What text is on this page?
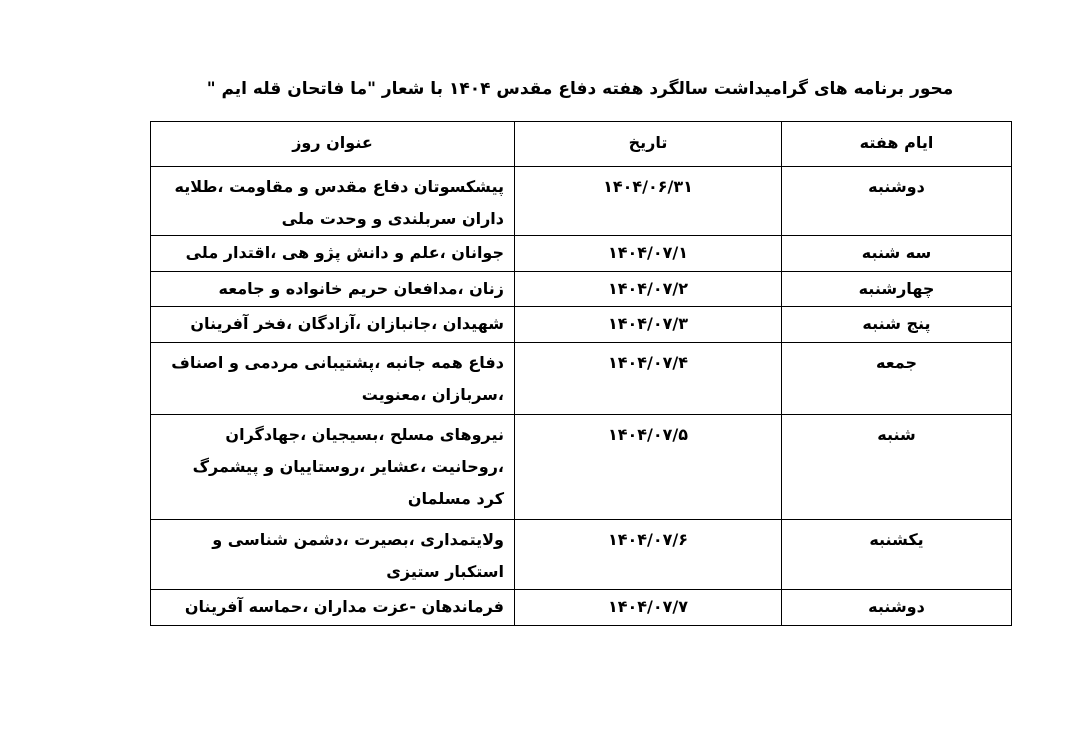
محور برنامه های گرامیداشت سالگرد هفته دفاع مقدس ۱۴۰۴ با شعار "ما فاتحان قله ایم "
ایام هفته	تاریخ	عنوان روز
دوشنبه	۱۴۰۴/۰۶/۳۱	پیشکسوتان دفاع مقدس و مقاومت ،طلایه داران سربلندی و وحدت ملی
سه شنبه	۱۴۰۴/۰۷/۱	جوانان ،علم و دانش پژو هی ،اقتدار ملی
چهارشنبه	۱۴۰۴/۰۷/۲	زنان ،مدافعان حریم خانواده و جامعه
پنج شنبه	۱۴۰۴/۰۷/۳	شهیدان ،جانبازان ،آزادگان ،فخر آفرینان
جمعه	۱۴۰۴/۰۷/۴	دفاع همه جانبه ،پشتیبانی مردمی و اصناف ،سربازان ،معنویت
شنبه	۱۴۰۴/۰۷/۵	نیروهای مسلح ،بسیجیان ،جهادگران ،روحانیت ،عشایر ،روستاییان و پیشمرگ کرد مسلمان
یکشنبه	۱۴۰۴/۰۷/۶	ولایتمداری ،بصیرت ،دشمن شناسی و استکبار ستیزی
دوشنبه	۱۴۰۴/۰۷/۷	فرماندهان -عزت مداران ،حماسه آفرینان
